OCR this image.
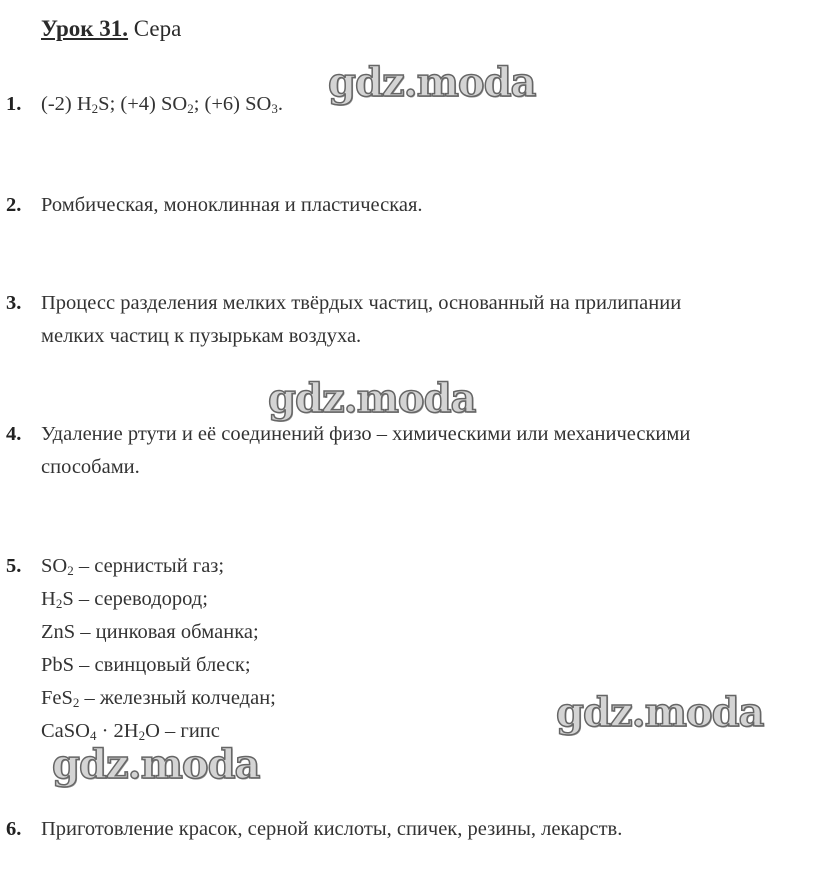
Урок 31. Сера
1. (-2) $H_2S$; (+4) $SO_2$; (+6) $SO_3$.
2. Ромбическая, моноклинная и пластическая.
3. Процесс разделения мелких твёрдых частиц, основанный на прилипании
мелких частиц к пузырькам воздуха.
4. Удаление ртути и её соединений физо – химическими или механическими
способами.
5. $SO_2$ – сернистый газ;
$H_2S$ – сереводород;
ZnS – цинковая обманка;
PbS – свинцовый блеск;
FeS$_2$ – железный колчедан;
CaSO$_4$ · $2H_2O$ – гипс
6. Приготовление красок, серной кислоты, спичек, резины, лекарств.
gdz.moda
gdz.moda
gdz.moda
gdz.moda
